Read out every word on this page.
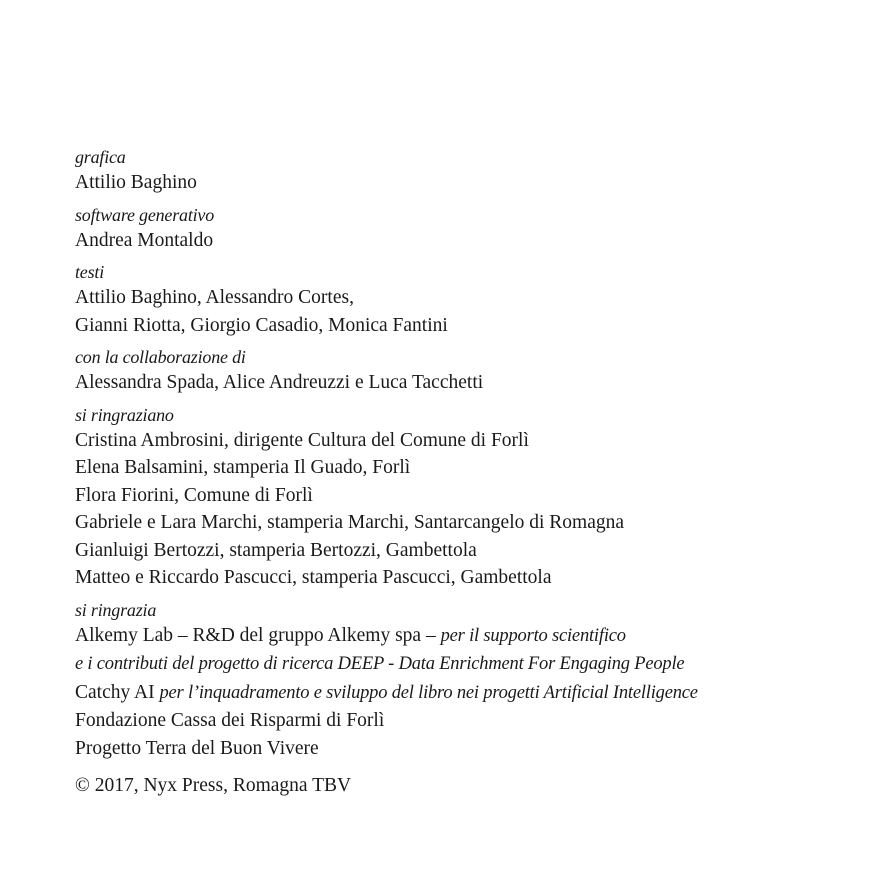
grafica
Attilio Baghino
software generativo
Andrea Montaldo
testi
Attilio Baghino, Alessandro Cortes,
Gianni Riotta, Giorgio Casadio, Monica Fantini
con la collaborazione di
Alessandra Spada, Alice Andreuzzi e Luca Tacchetti
si ringraziano
Cristina Ambrosini, dirigente Cultura del Comune di Forlì
Elena Balsamini, stamperia Il Guado, Forlì
Flora Fiorini, Comune di Forlì
Gabriele e Lara Marchi, stamperia Marchi, Santarcangelo di Romagna
Gianluigi Bertozzi, stamperia Bertozzi, Gambettola
Matteo e Riccardo Pascucci, stamperia Pascucci, Gambettola
si ringrazia
Alkemy Lab – R&D del gruppo Alkemy spa – per il supporto scientifico
e i contributi del progetto di ricerca DEEP - Data Enrichment For Engaging People
Catchy AI per l’inquadramento e sviluppo del libro nei progetti Artificial Intelligence
Fondazione Cassa dei Risparmi di Forlì
Progetto Terra del Buon Vivere
© 2017, Nyx Press, Romagna TBV
